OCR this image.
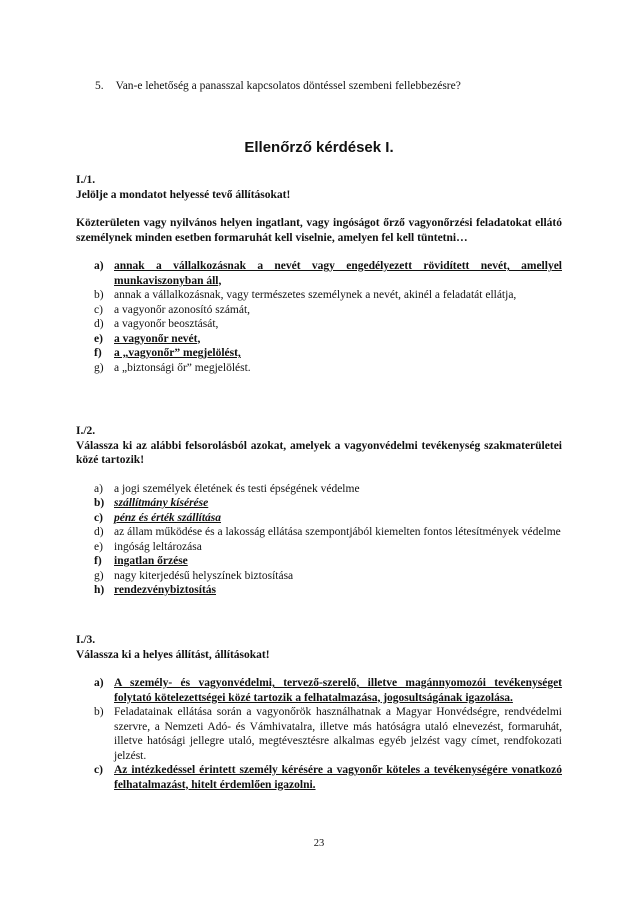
5. Van-e lehetőség a panasszal kapcsolatos döntéssel szembeni fellebbezésre?
Ellenőrző kérdések I.
I./1.
Jelölje a mondatot helyessé tevő állításokat!
Közterületen vagy nyilvános helyen ingatlant, vagy ingóságot őrző vagyonőrzési feladatokat ellátó személynek minden esetben formaruhát kell viselnie, amelyen fel kell tüntetni…
a) annak a vállalkozásnak a nevét vagy engedélyezett rövidített nevét, amellyel munkaviszonyban áll,
b) annak a vállalkozásnak, vagy természetes személynek a nevét, akinél a feladatát ellátja,
c) a vagyonőr azonosító számát,
d) a vagyonőr beosztását,
e) a vagyonőr nevét,
f) a „vagyonőr” megjelölést,
g) a „biztonsági őr” megjelölést.
I./2.
Válassza ki az alábbi felsorolásból azokat, amelyek a vagyonvédelmi tevékenység szakmaterületei közé tartozik!
a) a jogi személyek életének és testi épségének védelme
b) szállítmány kísérése
c) pénz és érték szállítása
d) az állam működése és a lakosság ellátása szempontjából kiemelten fontos létesítmények védelme
e) ingóság leltározása
f) ingatlan őrzése
g) nagy kiterjedésű helyszínek biztosítása
h) rendezvénybiztosítás
I./3.
Válassza ki a helyes állítást, állításokat!
a) A személy- és vagyonvédelmi, tervező-szerelő, illetve magánnyomozói tevékenységet folytató kötelezettségei közé tartozik a felhatalmazása, jogosultságának igazolása.
b) Feladatainak ellátása során a vagyonőrök használhatnak a Magyar Honvédségre, rendvédelmi szervre, a Nemzeti Adó- és Vámhivatalra, illetve más hatóságra utaló elnevezést, formaruhát, illetve hatósági jellegre utaló, megtévesztésre alkalmas egyéb jelzést vagy címet, rendfokozati jelzést.
c) Az intézkedéssel érintett személy kérésére a vagyonőr köteles a tevékenységére vonatkozó felhatalmazást, hitelt érdemlően igazolni.
23
